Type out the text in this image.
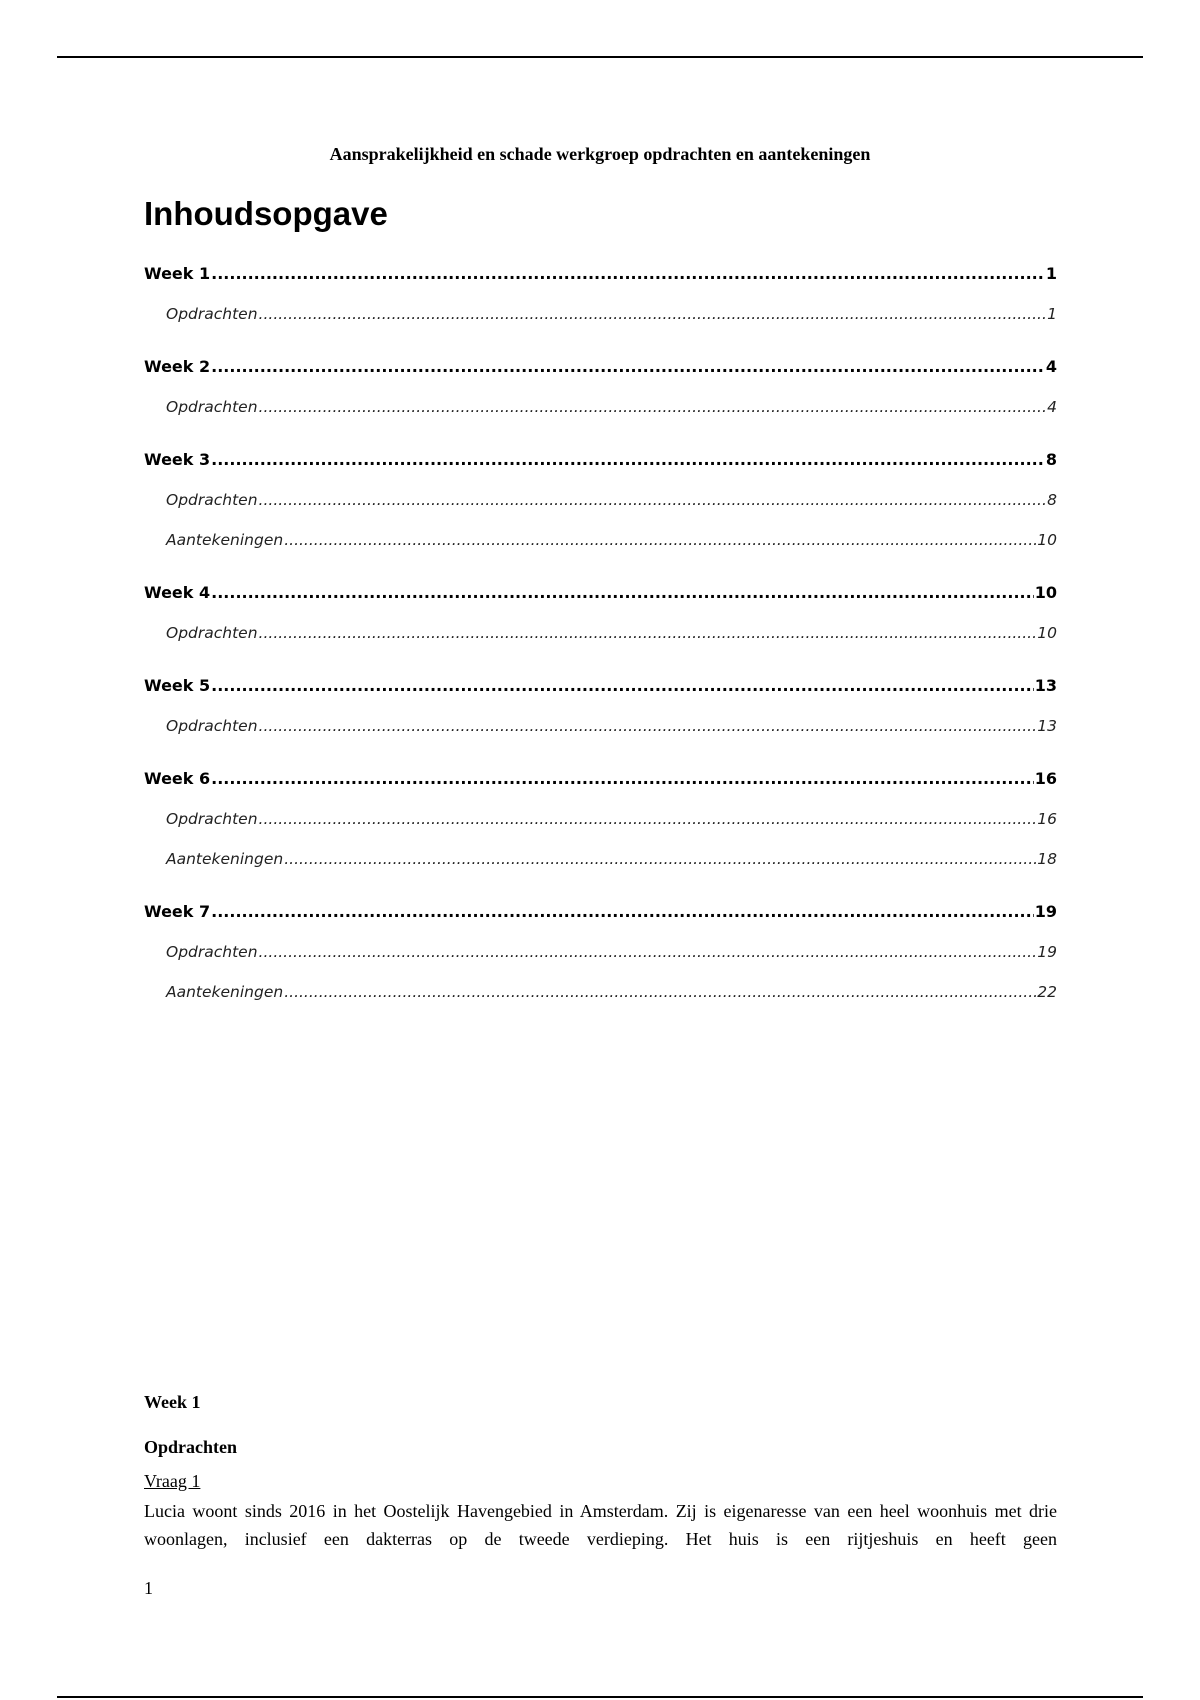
Aansprakelijkheid en schade werkgroep opdrachten en aantekeningen
Inhoudsopgave
Week 1 .....	1
Opdrachten .....	1
Week 2 .....	4
Opdrachten .....	4
Week 3 .....	8
Opdrachten .....	8
Aantekeningen .....	10
Week 4 .....	10
Opdrachten .....	10
Week 5 .....	13
Opdrachten .....	13
Week 6 .....	16
Opdrachten .....	16
Aantekeningen .....	18
Week 7 .....	19
Opdrachten .....	19
Aantekeningen .....	22
Week 1
Opdrachten
Vraag 1

Lucia woont sinds 2016 in het Oostelijk Havengebied in Amsterdam. Zij is eigenaresse van een heel woonhuis met drie woonlagen, inclusief een dakterras op de tweede verdieping. Het huis is een rijtjeshuis en heeft geen

1
